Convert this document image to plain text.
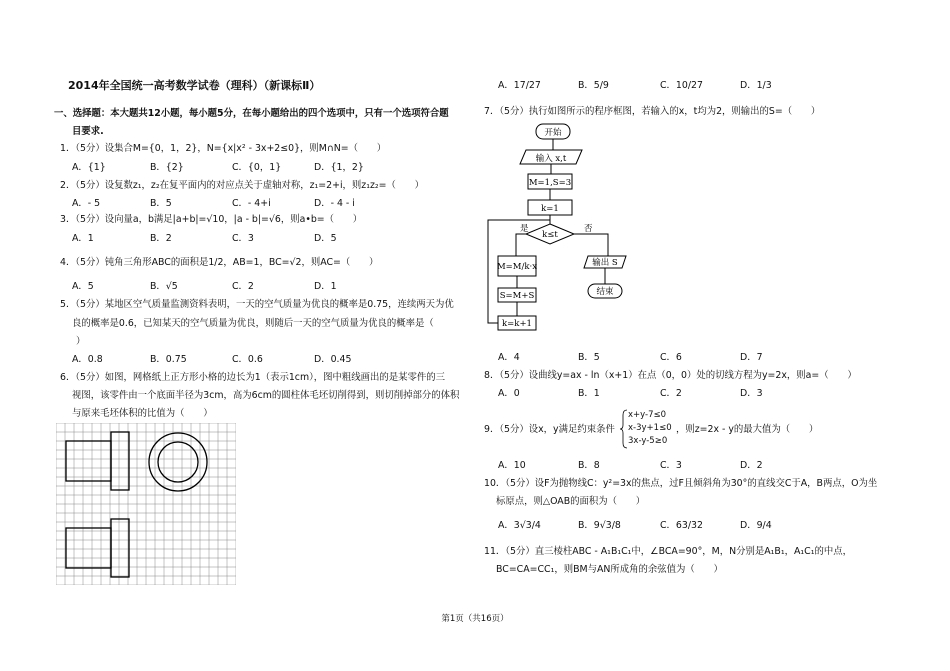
2014年全国统一高考数学试卷（理科）（新课标Ⅱ）
一、选择题：本大题共12小题，每小题5分，在每小题给出的四个选项中，只有一个选项符合题
目要求.
1．（5分）设集合M={0，1，2}，N={x|x² - 3x+2≤0}，则M∩N=（　　）
A．{1}	B．{2}	C．{0，1}	D．{1，2}
2．（5分）设复数z₁，z₂在复平面内的对应点关于虚轴对称，z₁=2+i，则z₁z₂=（　　）
A．- 5	B．5	C．- 4+i	D．- 4 - i
3．（5分）设向量a，b满足|a+b|=√10，|a - b|=√6，则a•b=（　　）
A．1	B．2	C．3	D．5
4．（5分）钝角三角形ABC的面积是1/2，AB=1，BC=√2，则AC=（　　）
A．5	B．√5	C．2	D．1
5．（5分）某地区空气质量监测资料表明，一天的空气质量为优良的概率是0.75，连续两天为优
良的概率是0.6，已知某天的空气质量为优良，则随后一天的空气质量为优良的概率是（
）
A．0.8	B．0.75	C．0.6	D．0.45
6．（5分）如图，网格纸上正方形小格的边长为1（表示1cm），图中粗线画出的是某零件的三
视图，该零件由一个底面半径为3cm，高为6cm的圆柱体毛坯切削得到，则切削掉部分的体积
与原来毛坯体积的比值为（　　）
A．17/27	B．5/9	C．10/27	D．1/3
7．（5分）执行如图所示的程序框图，若输入的x，t均为2，则输出的S=（　　）
开始
输入 x,t
M=1,S=3
k=1
k≤t
是	否
M=M/k·x
S=M+S
k=k+1
输出 S
结束
A．4	B．5	C．6	D．7
8．（5分）设曲线y=ax - ln（x+1）在点（0，0）处的切线方程为y=2x，则a=（　　）
A．0	B．1	C．2	D．3
9．（5分）设x，y满足约束条件
x+y-7≤0
x-3y+1≤0
3x-y-5≥0
，则z=2x - y的最大值为（　　）
A．10	B．8	C．3	D．2
10．（5分）设F为抛物线C：y²=3x的焦点，过F且倾斜角为30°的直线交C于A，B两点，O为坐
标原点，则△OAB的面积为（　　）
A．3√3/4	B．9√3/8	C．63/32	D．9/4
11．（5分）直三棱柱ABC - A₁B₁C₁中，∠BCA=90°，M，N分别是A₁B₁，A₁C₁的中点，
BC=CA=CC₁，则BM与AN所成角的余弦值为（　　）
第1页（共16页）
